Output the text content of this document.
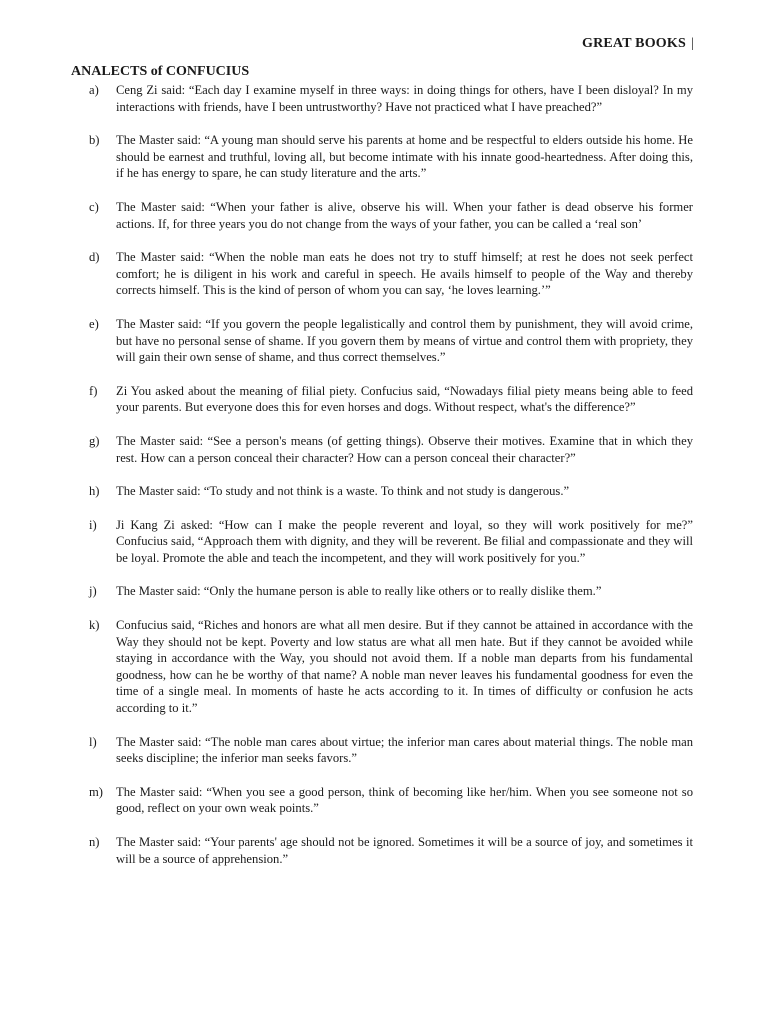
GREAT BOOKS |
ANALECTS of CONFUCIUS
a) Ceng Zi said: “Each day I examine myself in three ways: in doing things for others, have I been disloyal? In my interactions with friends, have I been untrustworthy? Have not practiced what I have preached?”
b) The Master said: “A young man should serve his parents at home and be respectful to elders outside his home. He should be earnest and truthful, loving all, but become intimate with his innate good-heartedness. After doing this, if he has energy to spare, he can study literature and the arts.”
c) The Master said: “When your father is alive, observe his will. When your father is dead observe his former actions. If, for three years you do not change from the ways of your father, you can be called a ‘real son’
d) The Master said: “When the noble man eats he does not try to stuff himself; at rest he does not seek perfect comfort; he is diligent in his work and careful in speech. He avails himself to people of the Way and thereby corrects himself. This is the kind of person of whom you can say, ‘he loves learning.’”
e) The Master said: “If you govern the people legalistically and control them by punishment, they will avoid crime, but have no personal sense of shame. If you govern them by means of virtue and control them with propriety, they will gain their own sense of shame, and thus correct themselves.”
f) Zi You asked about the meaning of filial piety. Confucius said, “Nowadays filial piety means being able to feed your parents. But everyone does this for even horses and dogs. Without respect, what's the difference?”
g) The Master said: “See a person's means (of getting things). Observe their motives. Examine that in which they rest. How can a person conceal their character? How can a person conceal their character?”
h) The Master said: “To study and not think is a waste. To think and not study is dangerous.”
i) Ji Kang Zi asked: “How can I make the people reverent and loyal, so they will work positively for me?” Confucius said, “Approach them with dignity, and they will be reverent. Be filial and compassionate and they will be loyal. Promote the able and teach the incompetent, and they will work positively for you.”
j) The Master said: “Only the humane person is able to really like others or to really dislike them.”
k) Confucius said, “Riches and honors are what all men desire. But if they cannot be attained in accordance with the Way they should not be kept. Poverty and low status are what all men hate. But if they cannot be avoided while staying in accordance with the Way, you should not avoid them. If a noble man departs from his fundamental goodness, how can he be worthy of that name? A noble man never leaves his fundamental goodness for even the time of a single meal. In moments of haste he acts according to it. In times of difficulty or confusion he acts according to it.”
l) The Master said: “The noble man cares about virtue; the inferior man cares about material things. The noble man seeks discipline; the inferior man seeks favors.”
m) The Master said: “When you see a good person, think of becoming like her/him. When you see someone not so good, reflect on your own weak points.”
n) The Master said: “Your parents' age should not be ignored. Sometimes it will be a source of joy, and sometimes it will be a source of apprehension.”
